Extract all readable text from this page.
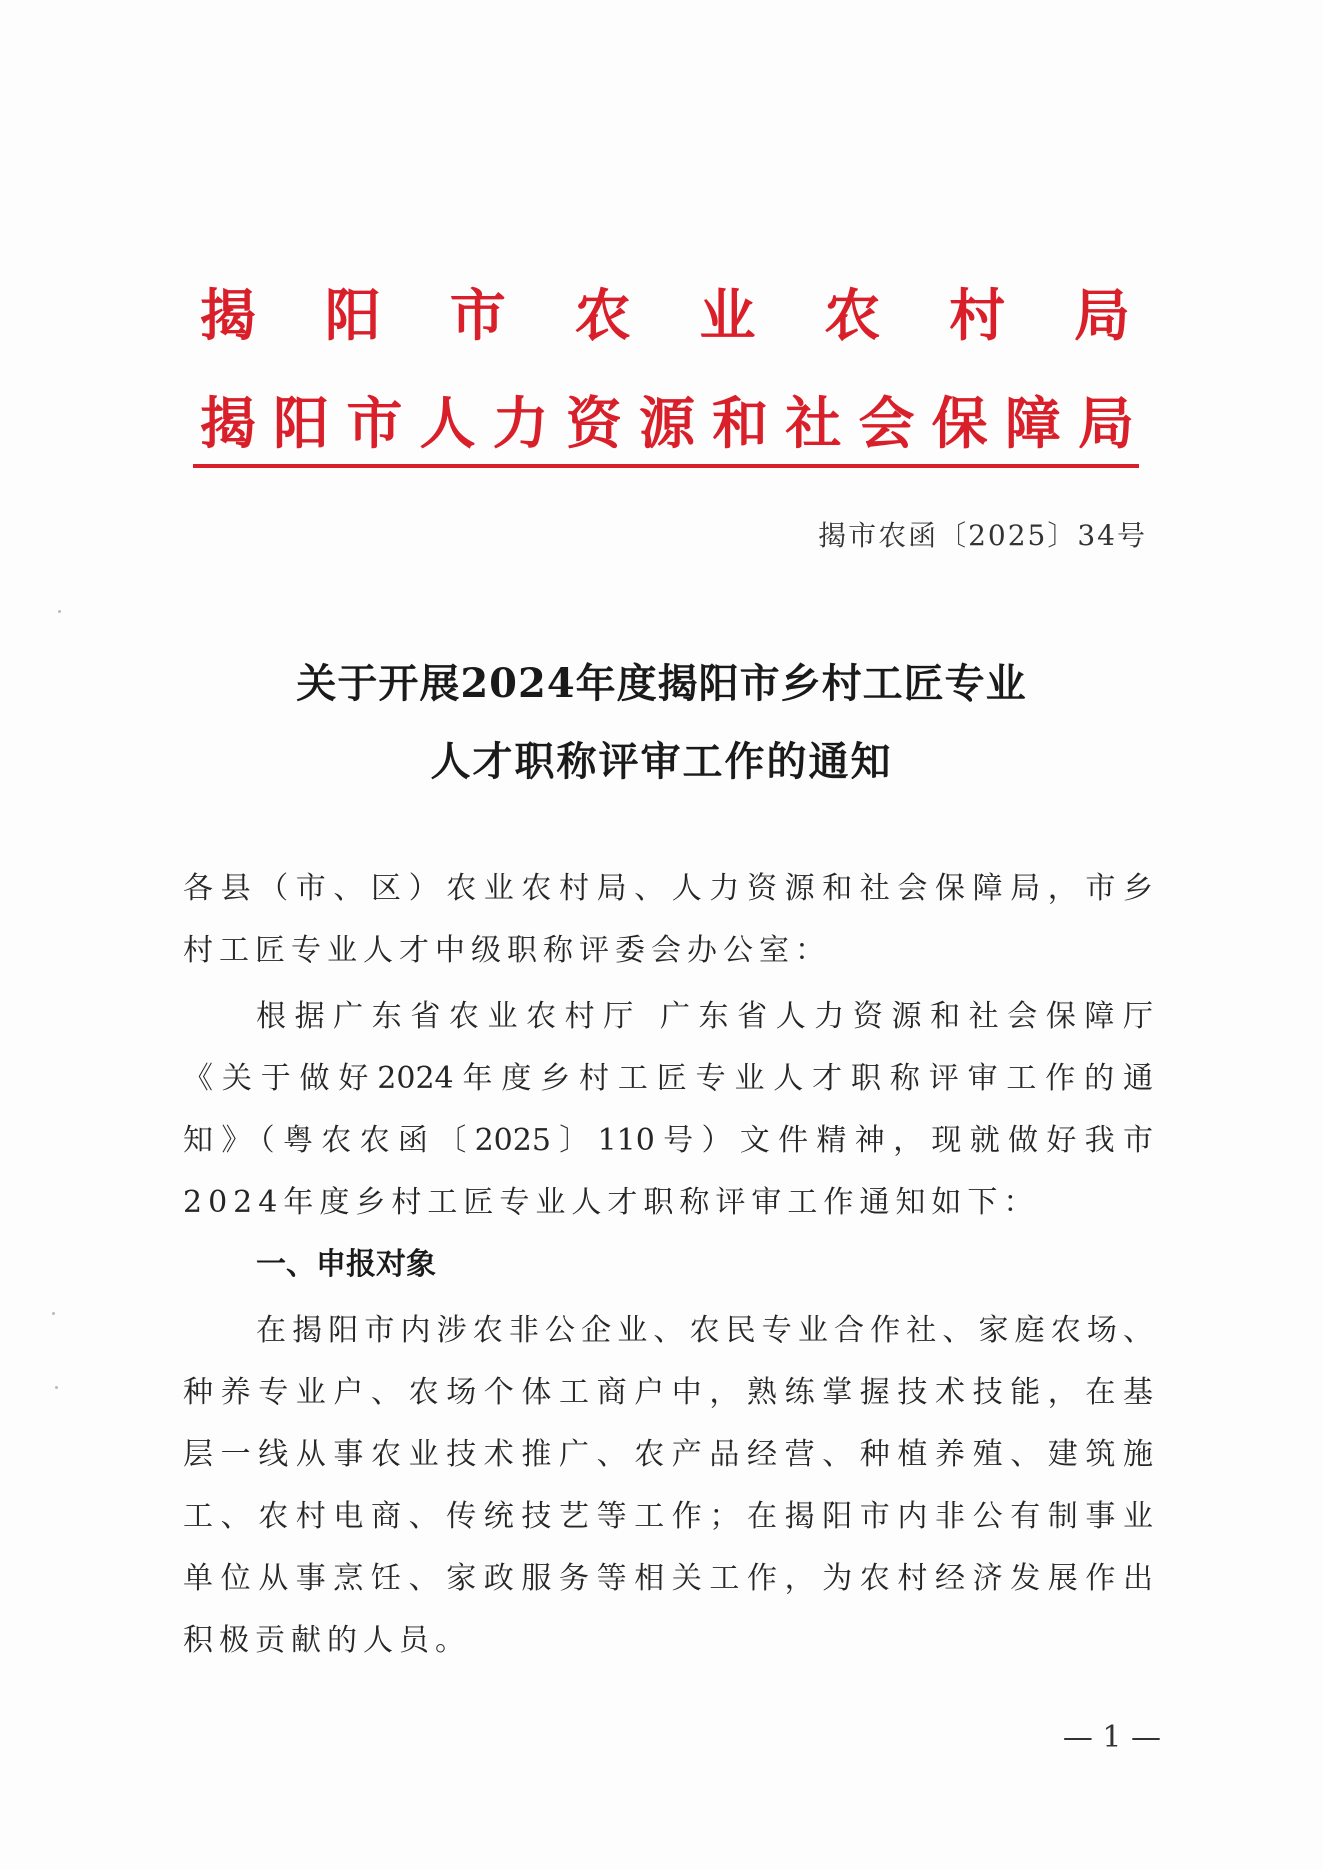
揭阳市农业农村局
揭阳市人力资源和社会保障局
揭市农函〔2025〕34号
关于开展2024年度揭阳市乡村工匠专业
人才职称评审工作的通知
各县（市、区）农业农村局、人力资源和社会保障局，市乡
村工匠专业人才中级职称评委会办公室：
根据广东省农业农村厅 广东省人力资源和社会保障厅
《关于做好2024年度乡村工匠专业人才职称评审工作的通
知》（粤农农函〔2025〕110号）文件精神，现就做好我市
2024年度乡村工匠专业人才职称评审工作通知如下：
一、申报对象
在揭阳市内涉农非公企业、农民专业合作社、家庭农场、
种养专业户、农场个体工商户中，熟练掌握技术技能，在基
层一线从事农业技术推广、农产品经营、种植养殖、建筑施
工、农村电商、传统技艺等工作；在揭阳市内非公有制事业
单位从事烹饪、家政服务等相关工作，为农村经济发展作出
积极贡献的人员。
— 1 —
